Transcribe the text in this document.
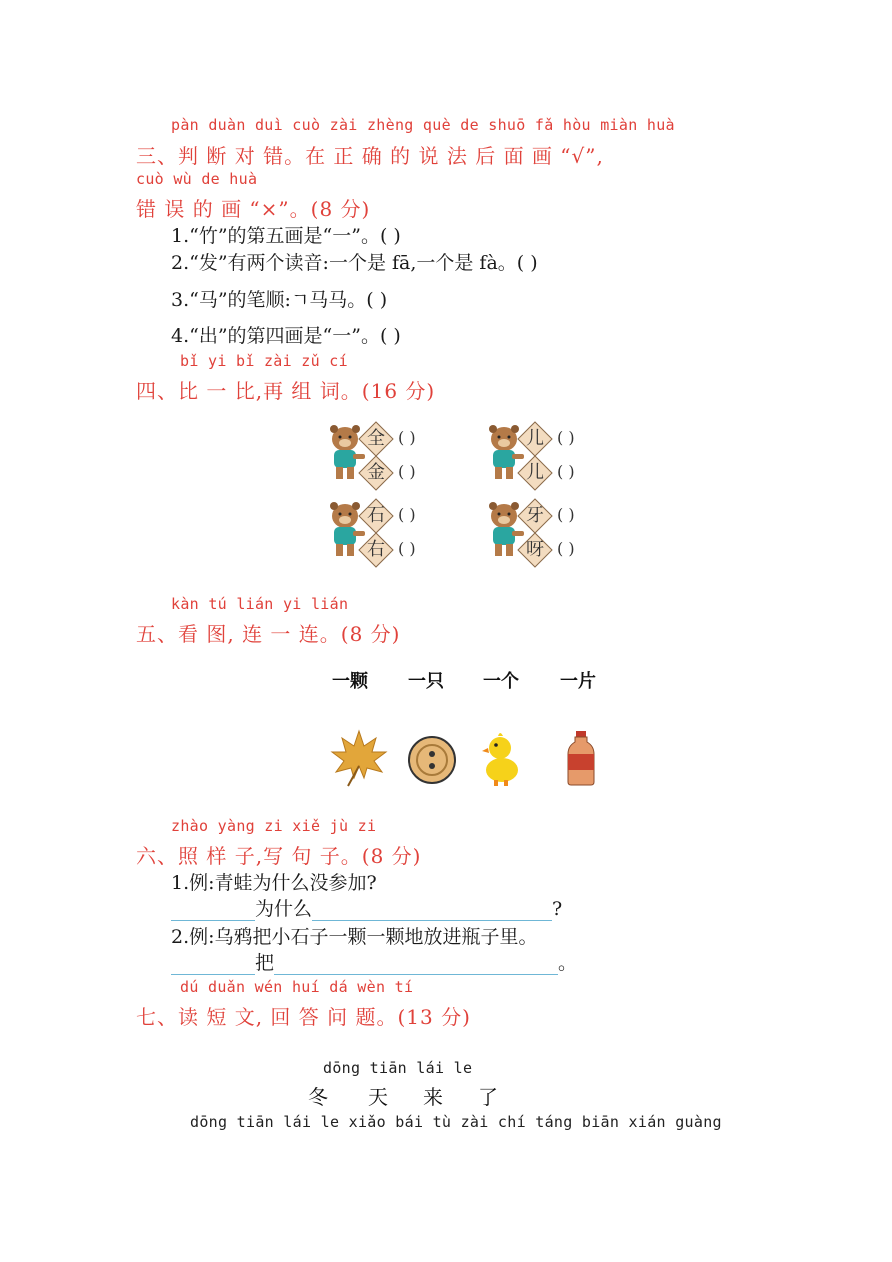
pàn duàn duì cuò zài zhèng què de shuō fǎ hòu miàn huà
三、判 断 对 错。在 正 确 的 说 法 后 面 画 “√”,
cuò wù de huà
错 误 的 画 “×”。(8 分)
1.“竹”的第五画是“一”。( )
2.“发”有两个读音:一个是 fā,一个是 fà。( )
3.“马”的笔顺:ㄱ马马。( )
4.“出”的第四画是“一”。( )
bǐ yi bǐ zài zǔ cí
四、比 一 比,再 组 词。(16 分)
全
金
( )
( )
儿
儿
( )
( )
石
右
( )
( )
牙
呀
( )
( )
kàn tú lián yi lián
五、看 图, 连 一 连。(8 分)
一颗 一只 一个 一片
zhào yàng zi xiě jù zi
六、照 样 子,写 句 子。(8 分)
1.例:青蛙为什么没参加?
为什么	?
2.例:乌鸦把小石子一颗一颗地放进瓶子里。
把	。
dú duǎn wén huí dá wèn tí
七、读 短 文, 回 答 问 题。(13 分)
dōng tiān lái le
冬 天 来 了
dōng tiān lái le xiǎo bái tù zài chí táng biān xián guàng
